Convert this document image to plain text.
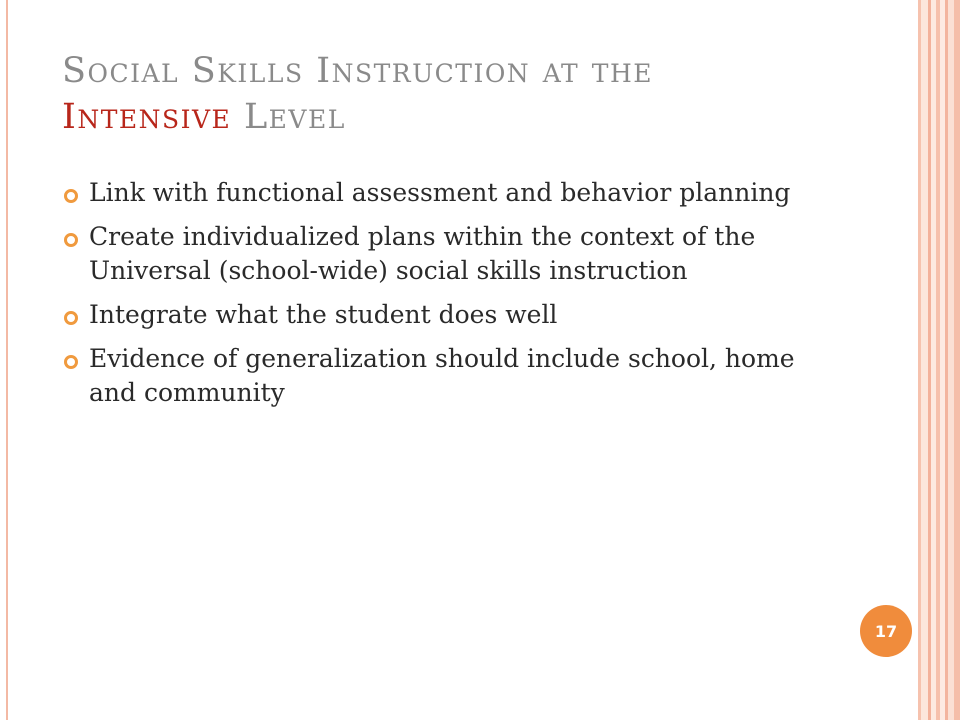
Social Skills Instruction at the
Intensive Level
Link with functional assessment and behavior planning
Create individualized plans within the context of the Universal (school-wide) social skills instruction
Integrate what the student does well
Evidence of generalization should include school, home and community
17
